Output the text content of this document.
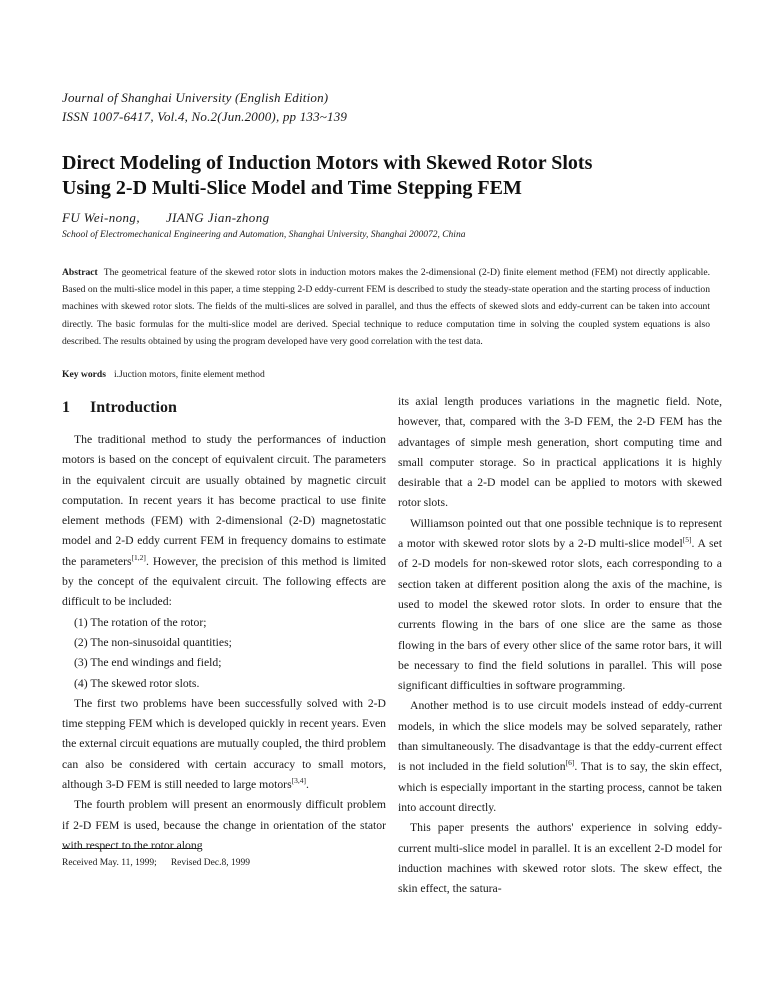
Journal of Shanghai University (English Edition)
ISSN 1007-6417, Vol.4, No.2(Jun.2000), pp 133~139
Direct Modeling of Induction Motors with Skewed Rotor Slots
Using 2-D Multi-Slice Model and Time Stepping FEM
FU Wei-nong, JIANG Jian-zhong
School of Electromechanical Engineering and Automation, Shanghai University, Shanghai 200072, China
Abstract The geometrical feature of the skewed rotor slots in induction motors makes the 2-dimensional (2-D) finite element method (FEM) not directly applicable. Based on the multi-slice model in this paper, a time stepping 2-D eddy-current FEM is described to study the steady-state operation and the starting process of induction machines with skewed rotor slots. The fields of the multi-slices are solved in parallel, and thus the effects of skewed slots and eddy-current can be taken into account directly. The basic formulas for the multi-slice model are derived. Special technique to reduce computation time in solving the coupled system equations is also described. The results obtained by using the program developed have very good correlation with the test data.
Key words i.Juction motors, finite element method
1 Introduction

The traditional method to study the performances of induction motors is based on the concept of equivalent circuit. The parameters in the equivalent circuit are usually obtained by magnetic circuit computation. In recent years it has become practical to use finite element methods (FEM) with 2-dimensional (2-D) magnetostatic model and 2-D eddy current FEM in frequency domains to estimate the parameters[1,2]. However, the precision of this method is limited by the concept of the equivalent circuit. The following effects are difficult to be included:

(1) The rotation of the rotor;
(2) The non-sinusoidal quantities;
(3) The end windings and field;
(4) The skewed rotor slots.

The first two problems have been successfully solved with 2-D time stepping FEM which is developed quickly in recent years. Even the external circuit equations are mutually coupled, the third problem can also be considered with certain accuracy to small motors, although 3-D FEM is still needed to large motors[3,4].

The fourth problem will present an enormously difficult problem if 2-D FEM is used, because the change in orientation of the stator with respect to the rotor along

its axial length produces variations in the magnetic field. Note, however, that, compared with the 3-D FEM, the 2-D FEM has the advantages of simple mesh generation, short computing time and small computer storage. So in practical applications it is highly desirable that a 2-D model can be applied to motors with skewed rotor slots.

Williamson pointed out that one possible technique is to represent a motor with skewed rotor slots by a 2-D multi-slice model[5]. A set of 2-D models for non-skewed rotor slots, each corresponding to a section taken at different position along the axis of the machine, is used to model the skewed rotor slots. In order to ensure that the currents flowing in the bars of one slice are the same as those flowing in the bars of every other slice of the same rotor bars, it will be necessary to find the field solutions in parallel. This will pose significant difficulties in software programming.

Another method is to use circuit models instead of eddy-current models, in which the slice models may be solved separately, rather than simultaneously. The disadvantage is that the eddy-current effect is not included in the field solution[6]. That is to say, the skin effect, which is especially important in the starting process, cannot be taken into account directly.

This paper presents the authors' experience in solving eddy-current multi-slice model in parallel. It is an excellent 2-D model for induction machines with skewed rotor slots. The skew effect, the skin effect, the satura-

Received May. 11, 1999; Revised Dec.8, 1999
